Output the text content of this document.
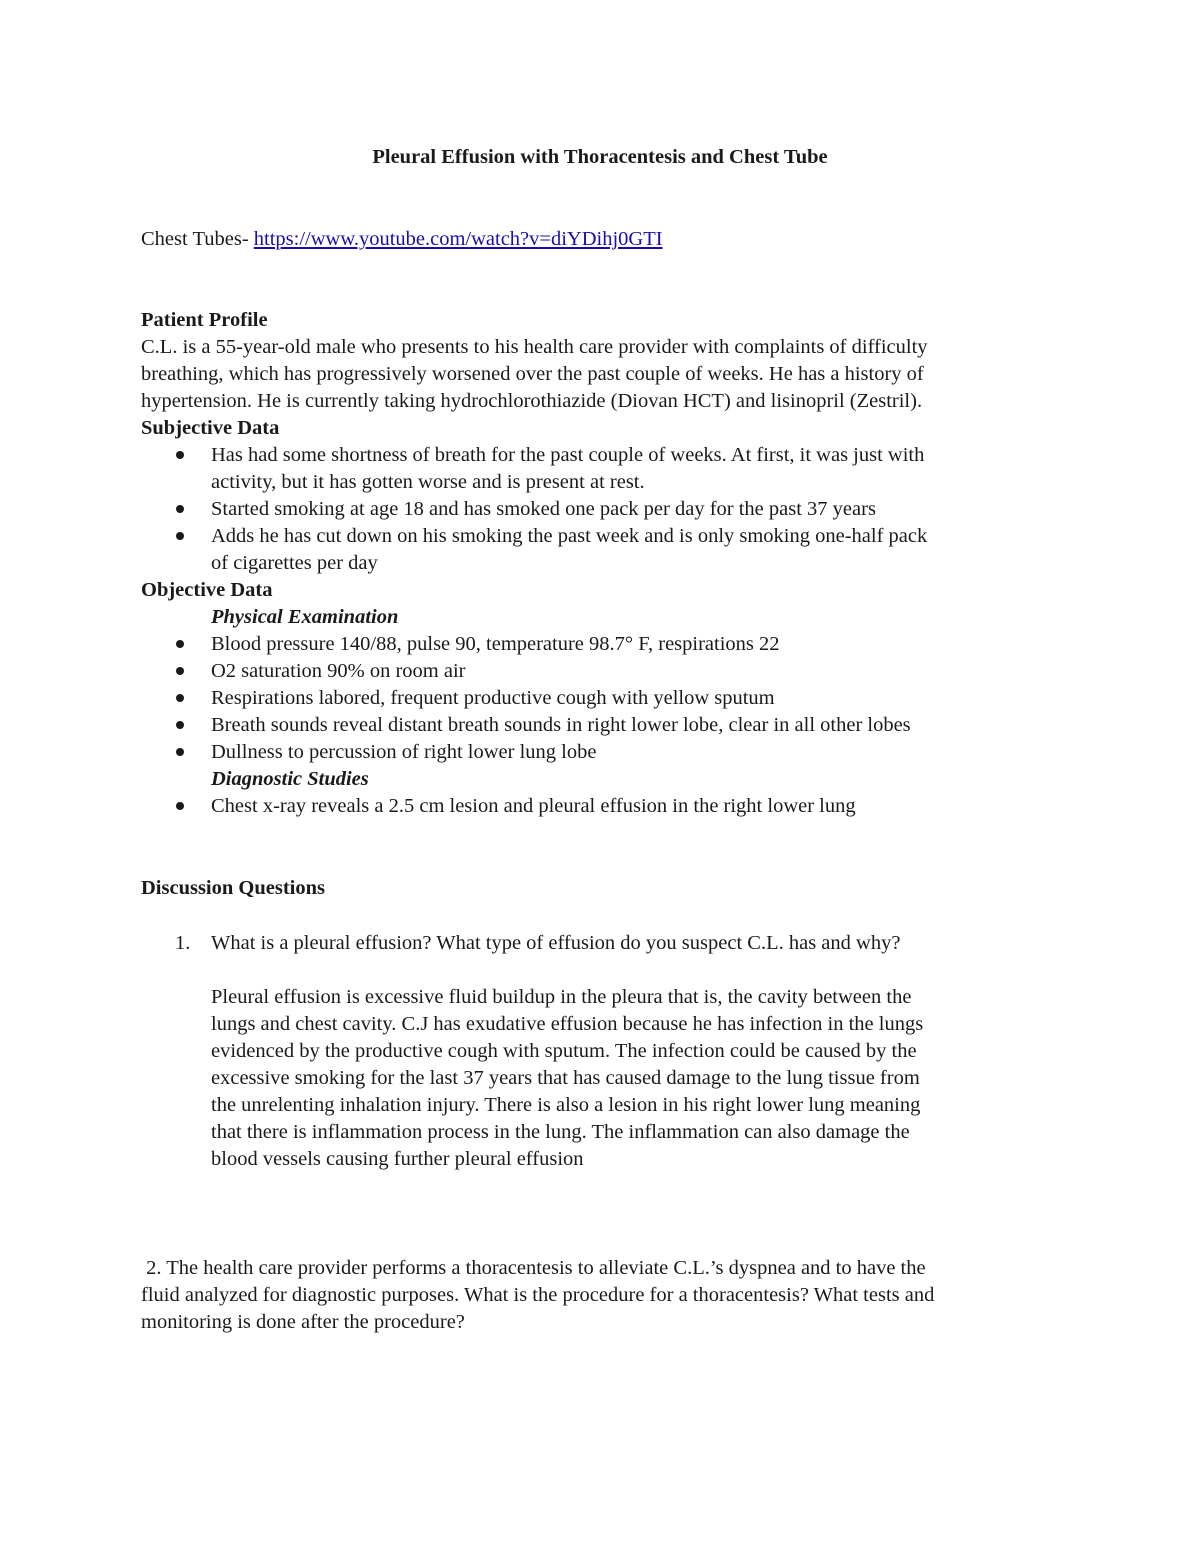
Pleural Effusion with Thoracentesis and Chest Tube
Chest Tubes- https://www.youtube.com/watch?v=diYDihj0GTI
Patient Profile
C.L. is a 55-year-old male who presents to his health care provider with complaints of difficulty
breathing, which has progressively worsened over the past couple of weeks. He has a history of
hypertension. He is currently taking hydrochlorothiazide (Diovan HCT) and lisinopril (Zestril).
Subjective Data
Has had some shortness of breath for the past couple of weeks. At first, it was just with
activity, but it has gotten worse and is present at rest.
Started smoking at age 18 and has smoked one pack per day for the past 37 years
Adds he has cut down on his smoking the past week and is only smoking one-half pack
of cigarettes per day
Objective Data
Physical Examination
Blood pressure 140/88, pulse 90, temperature 98.7° F, respirations 22
O2 saturation 90% on room air
Respirations labored, frequent productive cough with yellow sputum
Breath sounds reveal distant breath sounds in right lower lobe, clear in all other lobes
Dullness to percussion of right lower lung lobe
Diagnostic Studies
Chest x-ray reveals a 2.5 cm lesion and pleural effusion in the right lower lung
Discussion Questions
1. What is a pleural effusion? What type of effusion do you suspect C.L. has and why?
Pleural effusion is excessive fluid buildup in the pleura that is, the cavity between the
lungs and chest cavity. C.J has exudative effusion because he has infection in the lungs
evidenced by the productive cough with sputum. The infection could be caused by the
excessive smoking for the last 37 years that has caused damage to the lung tissue from
the unrelenting inhalation injury. There is also a lesion in his right lower lung meaning
that there is inflammation process in the lung. The inflammation can also damage the
blood vessels causing further pleural effusion
2. The health care provider performs a thoracentesis to alleviate C.L.’s dyspnea and to have the
fluid analyzed for diagnostic purposes. What is the procedure for a thoracentesis? What tests and
monitoring is done after the procedure?
